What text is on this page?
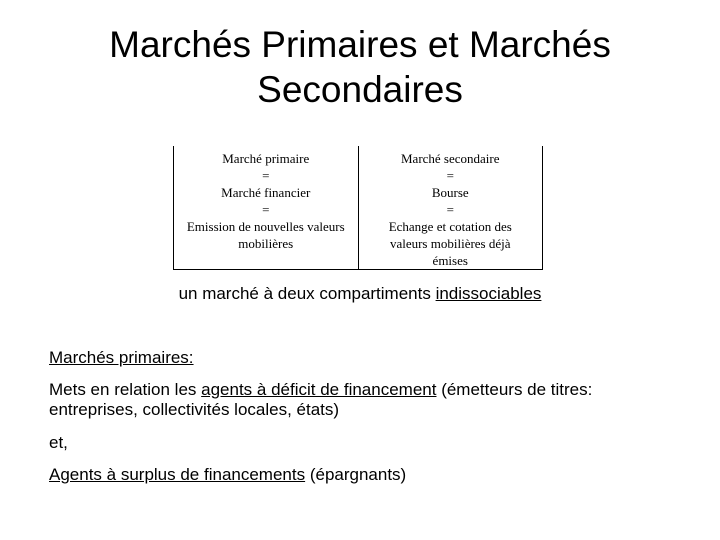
Marchés Primaires et Marchés
Secondaires
Marché primaire
=
Marché financier
=
Emission de nouvelles valeurs
mobilières
Marché secondaire
=
Bourse
=
Echange et cotation des
valeurs mobilières déjà
émises
un marché à deux compartiments indissociables
Marchés primaires:
Mets en relation les agents à déficit de financement (émetteurs de titres:
entreprises, collectivités locales, états)
et,
Agents à surplus de financements (épargnants)
